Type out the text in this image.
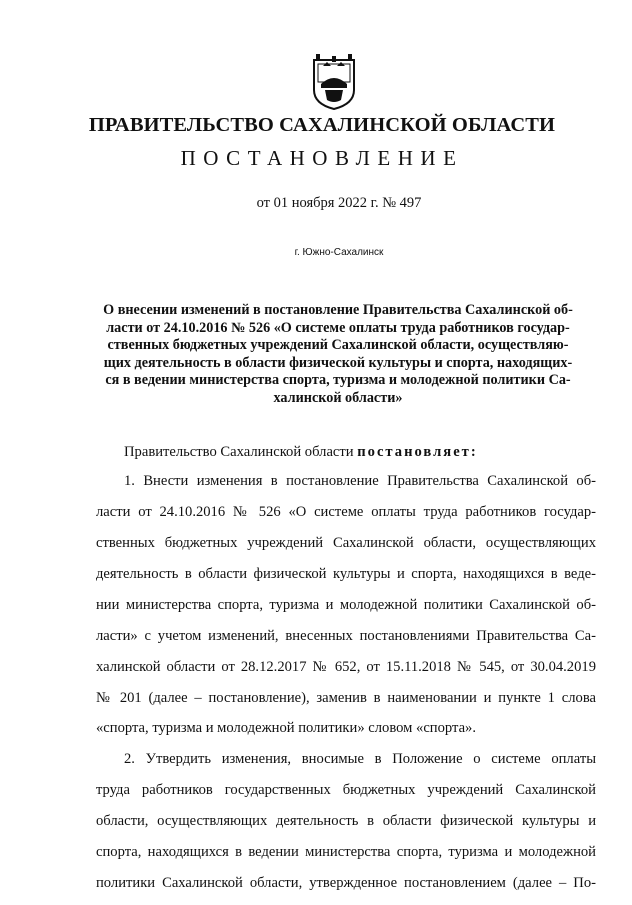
ПРАВИТЕЛЬСТВО САХАЛИНСКОЙ ОБЛАСТИ
ПОСТАНОВЛЕНИЕ
от 01 ноября 2022 г. № 497
г. Южно-Сахалинск
О внесении изменений в постановление Правительства Сахалинской об-
ласти от 24.10.2016 № 526 «О системе оплаты труда работников государ-
ственных бюджетных учреждений Сахалинской области, осуществляю-
щих деятельность в области физической культуры и спорта, находящих-
ся в ведении министерства спорта, туризма и молодежной политики Са-
халинской области»
Правительство Сахалинской области постановляет:
1. Внести изменения в постановление Правительства Сахалинской об-
ласти от 24.10.2016 № 526 «О системе оплаты труда работников государ-
ственных бюджетных учреждений Сахалинской области, осуществляющих
деятельность в области физической культуры и спорта, находящихся в веде-
нии министерства спорта, туризма и молодежной политики Сахалинской об-
ласти» с учетом изменений, внесенных постановлениями Правительства Са-
халинской области от 28.12.2017 № 652, от 15.11.2018 № 545, от 30.04.2019
№ 201 (далее – постановление), заменив в наименовании и пункте 1 слова
«спорта, туризма и молодежной политики» словом «спорта».
2. Утвердить изменения, вносимые в Положение о системе оплаты
труда работников государственных бюджетных учреждений Сахалинской
области, осуществляющих деятельность в области физической культуры и
спорта, находящихся в ведении министерства спорта, туризма и молодежной
политики Сахалинской области, утвержденное постановлением (далее – По-
